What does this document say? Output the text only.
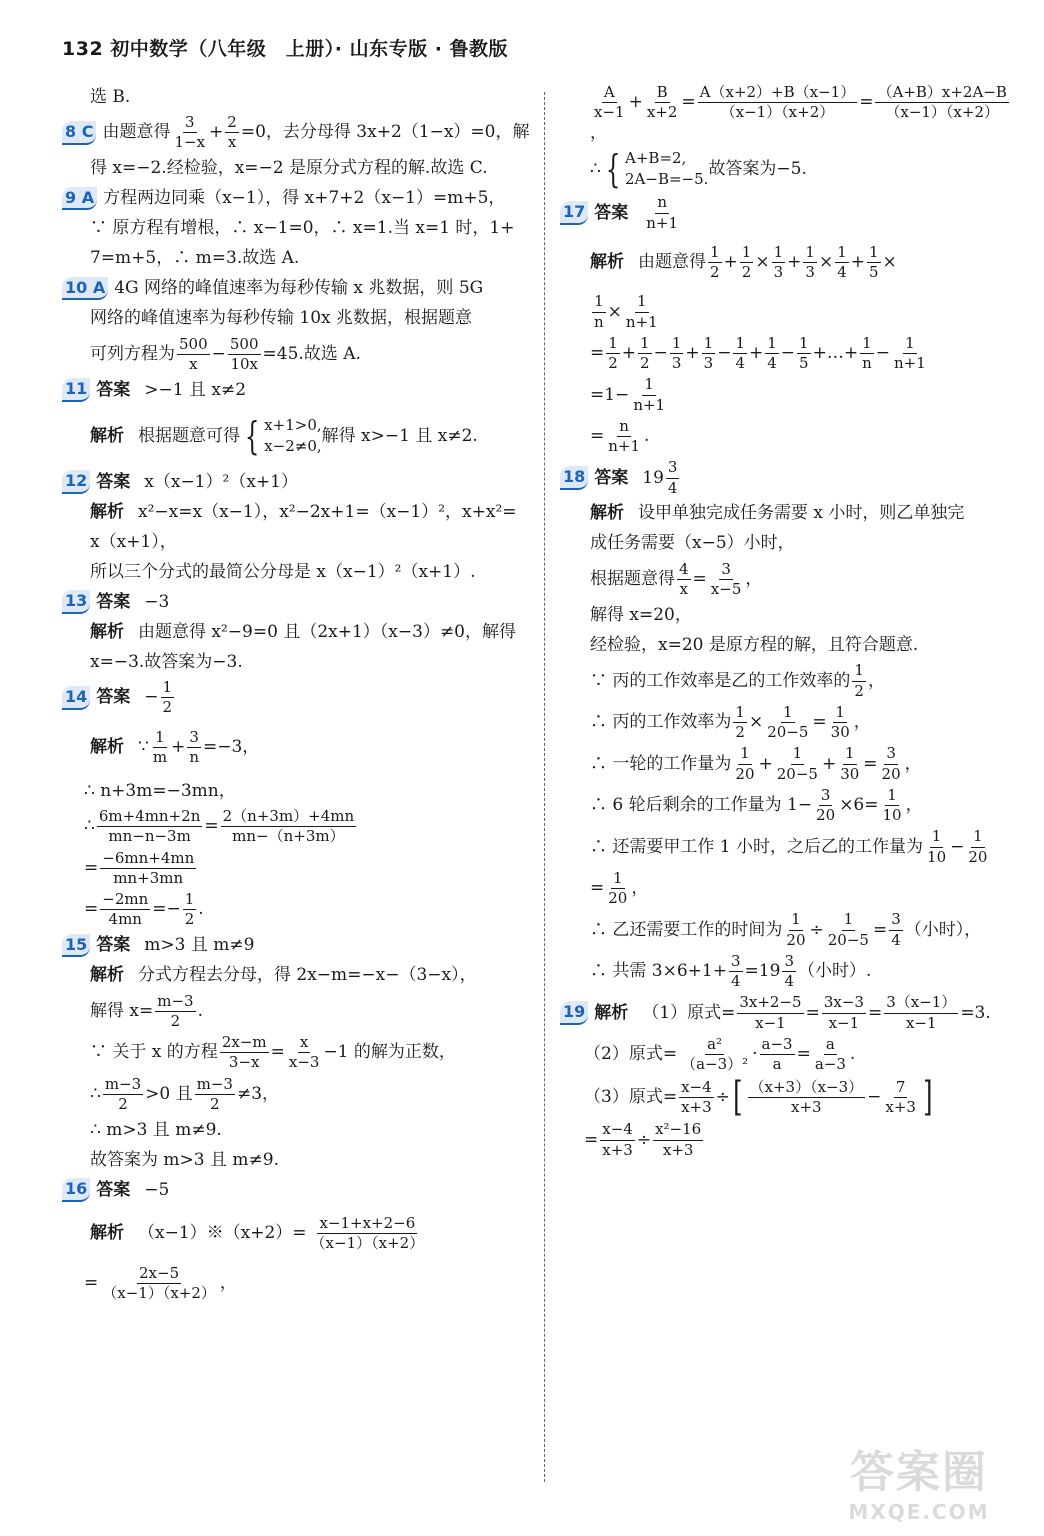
132 初中数学（八年级　上册）· 山东专版 · 鲁教版
选 B.
8 C 由题意得 $\frac{3}{1-x} + \frac{2}{x} =0$，去分母得 3x+2（1−x）=0，解
得 x=−2.经检验，x=−2 是原分式方程的解.故选 C.
9 A 方程两边同乘（x−1），得 x+7+2（x−1）=m+5，
∵ 原方程有增根，∴ x−1=0，∴ x=1.当 x=1 时，1+
7=m+5，∴ m=3.故选 A.
10 A 4G 网络的峰值速率为每秒传输 x 兆数据，则 5G
网络的峰值速率为每秒传输 10x 兆数据，根据题意
可列方程为 $\frac{500}{x} - \frac{500}{10x} =45$.故选 A.
11 答案 >−1 且 x≠2
解析 根据题意可得 { x+1>0,
x−2≠0,
解得 x>−1 且 x≠2.
12 答案 x（x−1）²（x+1）
解析 x²−x=x（x−1），x²−2x+1=（x−1）²，x+x²=
x（x+1），
所以三个分式的最简公分母是 x（x−1）²（x+1）.
13 答案 −3
解析 由题意得 x²−9=0 且（2x+1）（x−3）≠0，解得
x=−3.故答案为−3.
14 答案 − $\frac{1}{2}$
解析 ∵ $\frac{1}{m} + \frac{3}{n} =-3$，
∴ n+3m=−3mn，
∴ $\frac{6m+4mn+2n}{mn-n-3m} = \frac{2(n+3m)+4mn}{mn-(n+3m)}$
= $\frac{-6mn+4mn}{mn+3mn}$
= $\frac{-2mn}{4mn} =- \frac{1}{2}$ .
15 答案 m>3 且 m≠9
解析 分式方程去分母，得 2x−m=−x−（3−x），
解得 $x= \frac{m-3}{2}$ .
∵ 关于 x 的方程 $\frac{2x-m}{3-x} = \frac{x}{x-3} -1$ 的解为正数，
∴ $\frac{m-3}{2} >0$ 且 $\frac{m-3}{2} \ne 3$，
∴ m>3 且 m≠9.
故答案为 m>3 且 m≠9.
16 答案 −5
解析 （x−1）※（x+2）= $\frac{x-1+x+2-6}{(x-1)(x+2)}$
= $\frac{2x-5}{(x-1)(x+2)}$ ，
$\frac{A}{x-1} + \frac{B}{x+2} = \frac{A(x+2)+B(x-1)}{(x-1)(x+2)} = \frac{(A+B)x+2A-B}{(x-1)(x+2)}$
，
∴ { A+B=2,
2A−B=−5.
故答案为−5.
17 答案 $\frac{n}{n+1}$
解析 由题意得 $\frac{1}{2} + \frac{1}{2} \times \frac{1}{3} + \frac{1}{3} \times \frac{1}{4} + \frac{1}{5}$ ×
$\frac{1}{n} \times \frac{1}{n+1}$
= $\frac{1}{2} + \frac{1}{2} - \frac{1}{3} + \frac{1}{3} - \frac{1}{4} + \frac{1}{4} - \frac{1}{5}$ +…+ $\frac{1}{n} - \frac{1}{n+1}$
$=1- \frac{1}{n+1}$
= $\frac{n}{n+1}$ .
18 答案 $19 \frac{3}{4}$
解析 设甲单独完成任务需要 x 小时，则乙单独完
成任务需要（x−5）小时，
根据题意得 $\frac{4}{x} = \frac{3}{x-5}$ ，
解得 x=20，
经检验，x=20 是原方程的解，且符合题意.
∵ 丙的工作效率是乙的工作效率的 $\frac{1}{2}$ ，
∴ 丙的工作效率为 $\frac{1}{2} \times \frac{1}{20-5} = \frac{1}{30}$ ，
∴ 一轮的工作量为 $\frac{1}{20} + \frac{1}{20-5} + \frac{1}{30} = \frac{3}{20}$ ，
∴ 6 轮后剩余的工作量为 $1- \frac{3}{20} \times 6= \frac{1}{10}$ ，
∴ 还需要甲工作 1 小时，之后乙的工作量为 $\frac{1}{10} - \frac{1}{20}$
= $\frac{1}{20}$ ，
∴ 乙还需要工作的时间为 $\frac{1}{20} \div \frac{1}{20-5} = \frac{3}{4}$ （小时），
∴ 共需 $3\times 6+1+ \frac{3}{4} =19 \frac{3}{4}$ （小时）.
19 解析 （1）原式= $\frac{3x+2-5}{x-1} = \frac{3x-3}{x-1} = \frac{3(x-1)}{x-1} =3$.
（2）原式= $\frac{\text{a²}}{\text{（a−3）²}} \cdot \frac{a-3}{a} = \frac{a}{a-3}$ .
（3）原式= $\frac{x-4}{x+3}$ ÷ [ $\frac{(x+3)(x-3)}{x+3} - \frac{7}{x+3}$ ]
= $\frac{x-4}{x+3} \div \frac{\text{x²−16}}{x+3}$
答案圈
MXQE.COM
